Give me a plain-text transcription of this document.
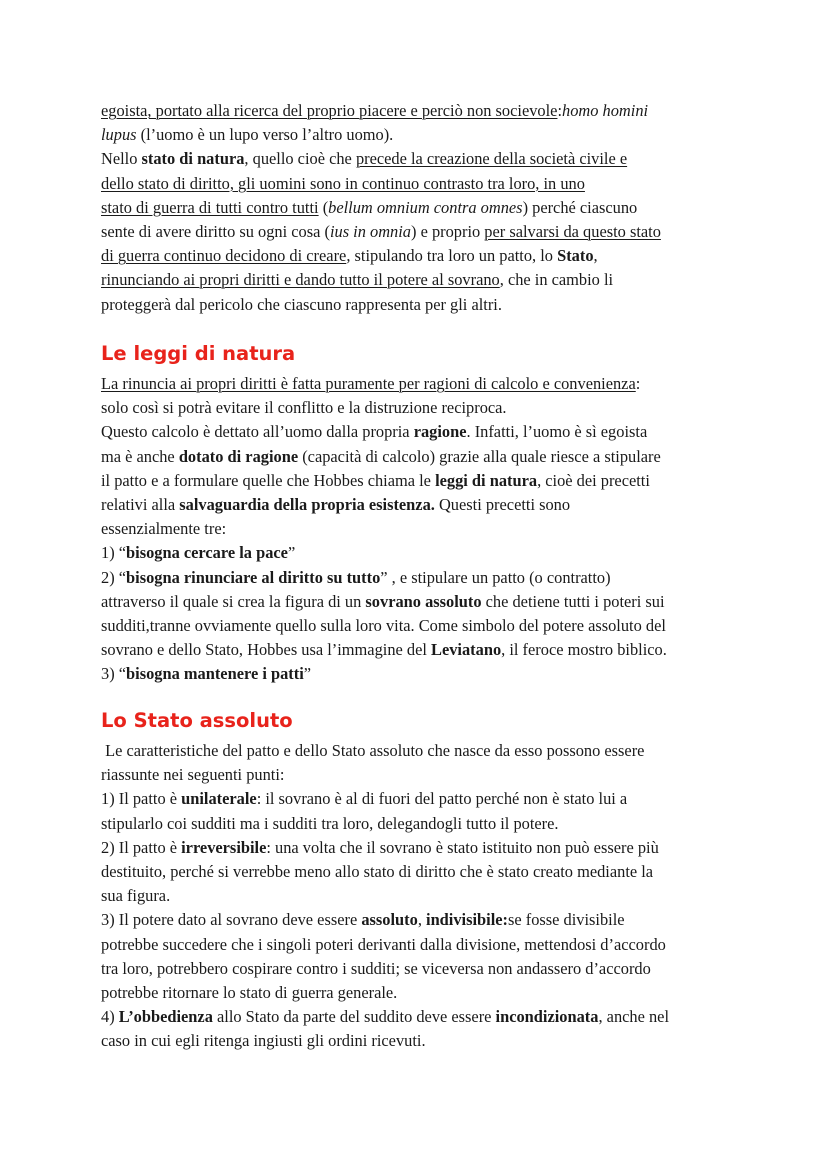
egoista, portato alla ricerca del proprio piacere e perciò non socievole:homo homini
lupus (l’uomo è un lupo verso l’altro uomo).
Nello stato di natura, quello cioè che precede la creazione della società civile e
dello stato di diritto, gli uomini sono in continuo contrasto tra loro, in uno
stato di guerra di tutti contro tutti (bellum omnium contra omnes) perché ciascuno
sente di avere diritto su ogni cosa (ius in omnia) e proprio per salvarsi da questo stato
di guerra continuo decidono di creare, stipulando tra loro un patto, lo Stato,
rinunciando ai propri diritti e dando tutto il potere al sovrano, che in cambio li
proteggerà dal pericolo che ciascuno rappresenta per gli altri.
Le leggi di natura
La rinuncia ai propri diritti è fatta puramente per ragioni di calcolo e convenienza:
solo così si potrà evitare il conflitto e la distruzione reciproca.
Questo calcolo è dettato all’uomo dalla propria ragione. Infatti, l’uomo è sì egoista
ma è anche dotato di ragione (capacità di calcolo) grazie alla quale riesce a stipulare
il patto e a formulare quelle che Hobbes chiama le leggi di natura, cioè dei precetti
relativi alla salvaguardia della propria esistenza. Questi precetti sono
essenzialmente tre:
1) “bisogna cercare la pace”
2) “bisogna rinunciare al diritto su tutto” , e stipulare un patto (o contratto)
attraverso il quale si crea la figura di un sovrano assoluto che detiene tutti i poteri sui
sudditi,tranne ovviamente quello sulla loro vita. Come simbolo del potere assoluto del
sovrano e dello Stato, Hobbes usa l’immagine del Leviatano, il feroce mostro biblico.
3) “bisogna mantenere i patti”
Lo Stato assoluto
Le caratteristiche del patto e dello Stato assoluto che nasce da esso possono essere
riassunte nei seguenti punti:
1) Il patto è unilaterale: il sovrano è al di fuori del patto perché non è stato lui a
stipularlo coi sudditi ma i sudditi tra loro, delegandogli tutto il potere.
2) Il patto è irreversibile: una volta che il sovrano è stato istituito non può essere più
destituito, perché si verrebbe meno allo stato di diritto che è stato creato mediante la
sua figura.
3) Il potere dato al sovrano deve essere assoluto, indivisibile:se fosse divisibile
potrebbe succedere che i singoli poteri derivanti dalla divisione, mettendosi d’accordo
tra loro, potrebbero cospirare contro i sudditi; se viceversa non andassero d’accordo
potrebbe ritornare lo stato di guerra generale.
4) L’obbedienza allo Stato da parte del suddito deve essere incondizionata, anche nel
caso in cui egli ritenga ingiusti gli ordini ricevuti.
